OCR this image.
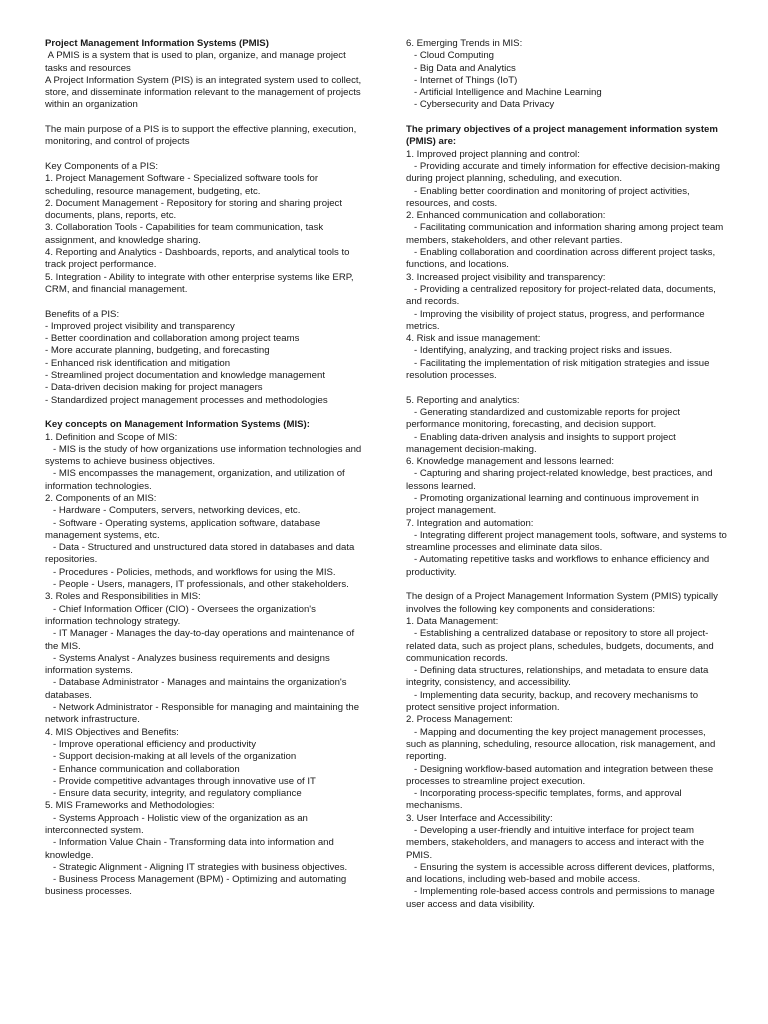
Project Management Information Systems (PMIS)
A PMIS is a system that is used to plan, organize, and manage project tasks and resources
A Project Information System (PIS) is an integrated system used to collect, store, and disseminate information relevant to the management of projects within an organization
The main purpose of a PIS is to support the effective planning, execution, monitoring, and control of projects
Key Components of a PIS:
1. Project Management Software - Specialized software tools for scheduling, resource management, budgeting, etc.
2. Document Management - Repository for storing and sharing project documents, plans, reports, etc.
3. Collaboration Tools - Capabilities for team communication, task assignment, and knowledge sharing.
4. Reporting and Analytics - Dashboards, reports, and analytical tools to track project performance.
5. Integration - Ability to integrate with other enterprise systems like ERP, CRM, and financial management.
Benefits of a PIS:
- Improved project visibility and transparency
- Better coordination and collaboration among project teams
- More accurate planning, budgeting, and forecasting
- Enhanced risk identification and mitigation
- Streamlined project documentation and knowledge management
- Data-driven decision making for project managers
- Standardized project management processes and methodologies
Key concepts on Management Information Systems (MIS):
1. Definition and Scope of MIS:
- MIS is the study of how organizations use information technologies and systems to achieve business objectives.
- MIS encompasses the management, organization, and utilization of information technologies.
2. Components of an MIS:
- Hardware - Computers, servers, networking devices, etc.
- Software - Operating systems, application software, database management systems, etc.
- Data - Structured and unstructured data stored in databases and data repositories.
- Procedures - Policies, methods, and workflows for using the MIS.
- People - Users, managers, IT professionals, and other stakeholders.
3. Roles and Responsibilities in MIS:
- Chief Information Officer (CIO) - Oversees the organization's information technology strategy.
- IT Manager - Manages the day-to-day operations and maintenance of the MIS.
- Systems Analyst - Analyzes business requirements and designs information systems.
- Database Administrator - Manages and maintains the organization's databases.
- Network Administrator - Responsible for managing and maintaining the network infrastructure.
4. MIS Objectives and Benefits:
- Improve operational efficiency and productivity
- Support decision-making at all levels of the organization
- Enhance communication and collaboration
- Provide competitive advantages through innovative use of IT
- Ensure data security, integrity, and regulatory compliance
5. MIS Frameworks and Methodologies:
- Systems Approach - Holistic view of the organization as an interconnected system.
- Information Value Chain - Transforming data into information and knowledge.
- Strategic Alignment - Aligning IT strategies with business objectives.
- Business Process Management (BPM) - Optimizing and automating business processes.
6. Emerging Trends in MIS:
- Cloud Computing
- Big Data and Analytics
- Internet of Things (IoT)
- Artificial Intelligence and Machine Learning
- Cybersecurity and Data Privacy
The primary objectives of a project management information system (PMIS) are:
1. Improved project planning and control:
- Providing accurate and timely information for effective decision-making during project planning, scheduling, and execution.
- Enabling better coordination and monitoring of project activities, resources, and costs.
2. Enhanced communication and collaboration:
- Facilitating communication and information sharing among project team members, stakeholders, and other relevant parties.
- Enabling collaboration and coordination across different project tasks, functions, and locations.
3. Increased project visibility and transparency:
- Providing a centralized repository for project-related data, documents, and records.
- Improving the visibility of project status, progress, and performance metrics.
4. Risk and issue management:
- Identifying, analyzing, and tracking project risks and issues.
- Facilitating the implementation of risk mitigation strategies and issue resolution processes.
5. Reporting and analytics:
- Generating standardized and customizable reports for project performance monitoring, forecasting, and decision support.
- Enabling data-driven analysis and insights to support project management decision-making.
6. Knowledge management and lessons learned:
- Capturing and sharing project-related knowledge, best practices, and lessons learned.
- Promoting organizational learning and continuous improvement in project management.
7. Integration and automation:
- Integrating different project management tools, software, and systems to streamline processes and eliminate data silos.
- Automating repetitive tasks and workflows to enhance efficiency and productivity.
The design of a Project Management Information System (PMIS) typically involves the following key components and considerations:
1. Data Management:
- Establishing a centralized database or repository to store all project-related data, such as project plans, schedules, budgets, documents, and communication records.
- Defining data structures, relationships, and metadata to ensure data integrity, consistency, and accessibility.
- Implementing data security, backup, and recovery mechanisms to protect sensitive project information.
2. Process Management:
- Mapping and documenting the key project management processes, such as planning, scheduling, resource allocation, risk management, and reporting.
- Designing workflow-based automation and integration between these processes to streamline project execution.
- Incorporating process-specific templates, forms, and approval mechanisms.
3. User Interface and Accessibility:
- Developing a user-friendly and intuitive interface for project team members, stakeholders, and managers to access and interact with the PMIS.
- Ensuring the system is accessible across different devices, platforms, and locations, including web-based and mobile access.
- Implementing role-based access controls and permissions to manage user access and data visibility.
